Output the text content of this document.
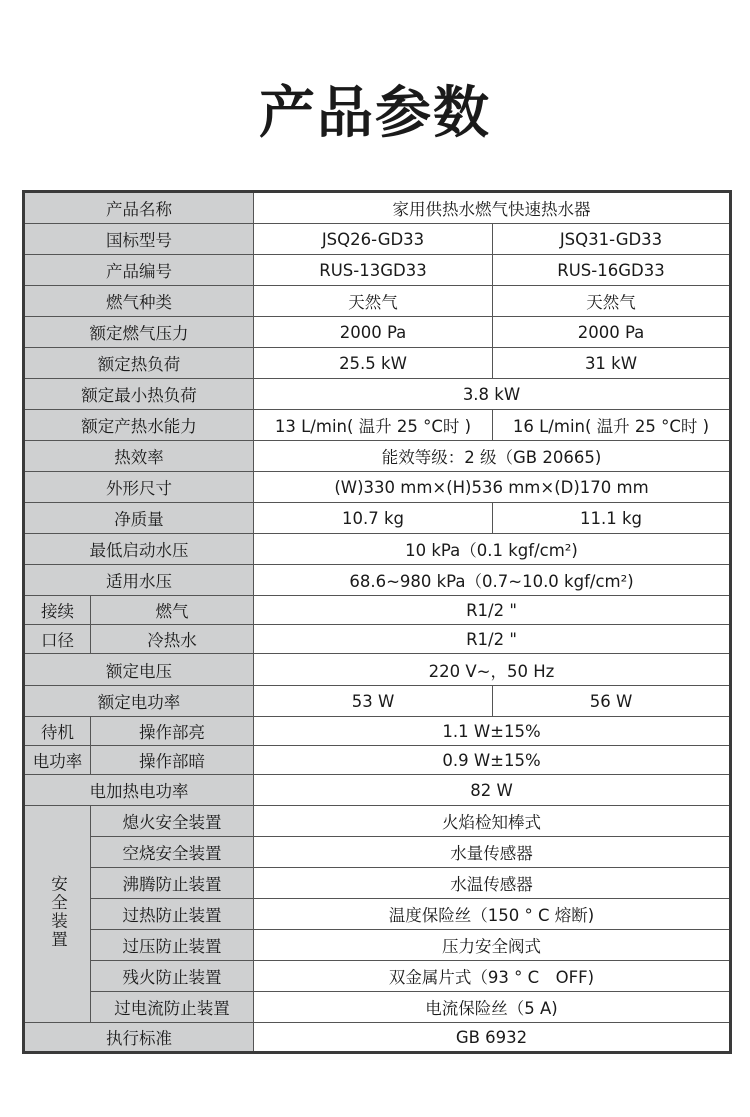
产品参数
产品名称		家用供热水燃气快速热水器	
国标型号		JSQ26-GD33	JSQ31-GD33
产品编号		RUS-13GD33	RUS-16GD33
燃气种类		天然气	天然气
额定燃气压力		2000 Pa	2000 Pa
额定热负荷		25.5 kW	31 kW
额定最小热负荷		3.8 kW	
额定产热水能力		13 L/min( 温升 25 °C时 )	16 L/min( 温升 25 °C时 )
热效率		能效等级：2 级（GB 20665)	
外形尺寸		(W)330 mm×(H)536 mm×(D)170 mm	
净质量		10.7 kg	11.1 kg
最低启动水压		10 kPa（0.1 kgf/cm²)	
适用水压		68.6~980 kPa（0.7~10.0 kgf/cm²)	
接续	燃气	R1/2 "	
口径	冷热水	R1/2 "	
额定电压		220 V~，50 Hz	
额定电功率		53 W	56 W
待机	操作部亮	1.1 W±15%	
电功率	操作部暗	0.9 W±15%	
电加热电功率		82 W	
安全装置	熄火安全装置	火焰检知棒式	
	空烧安全装置	水量传感器	
	沸腾防止装置	水温传感器	
	过热防止装置	温度保险丝（150 ° C 熔断)	
	过压防止装置	压力安全阀式	
	残火防止装置	双金属片式（93 ° C　OFF)	
	过电流防止装置	电流保险丝（5 A)	
执行标准		GB 6932	
